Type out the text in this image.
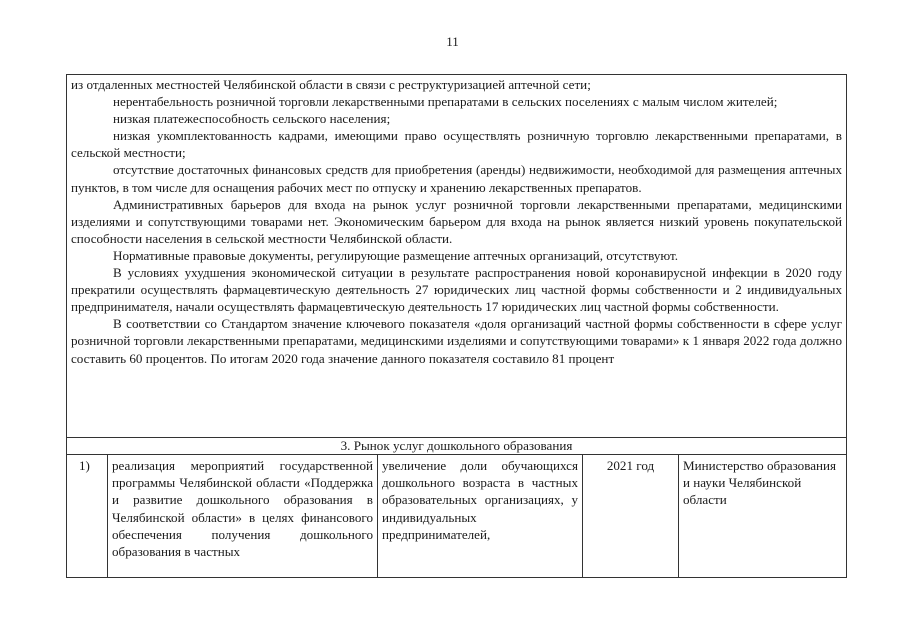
11

из отдаленных местностей Челябинской области в связи с реструктуризацией аптечной сети;

нерентабельность розничной торговли лекарственными препаратами в сельских поселениях с малым числом жителей;

низкая платежеспособность сельского населения;

низкая укомплектованность кадрами, имеющими право осуществлять розничную торговлю лекарственными препаратами, в сельской местности;

отсутствие достаточных финансовых средств для приобретения (аренды) недвижимости, необходимой для размещения аптечных пунктов, в том числе для оснащения рабочих мест по отпуску и хранению лекарственных препаратов.

Административных барьеров для входа на рынок услуг розничной торговли лекарственными препаратами, медицинскими изделиями и сопутствующими товарами нет. Экономическим барьером для входа на рынок является низкий уровень покупательской способности населения в сельской местности Челябинской области.

Нормативные правовые документы, регулирующие размещение аптечных организаций, отсутствуют.

В условиях ухудшения экономической ситуации в результате распространения новой коронавирусной инфекции в 2020 году прекратили осуществлять фармацевтическую деятельность 27 юридических лиц частной формы собственности и 2 индивидуальных предпринимателя, начали осуществлять фармацевтическую деятельность 17 юридических лиц частной формы собственности.

В соответствии со Стандартом значение ключевого показателя «доля организаций частной формы собственности в сфере услуг розничной торговли лекарственными препаратами, медицинскими изделиями и сопутствующими товарами» к 1 января 2022 года должно составить 60 процентов. По итогам 2020 года значение данного показателя составило 81 процент

3. Рынок услуг дошкольного образования
1)	реализация мероприятий государственной программы Челябинской области «Поддержка и развитие дошкольного образования в Челябинской области» в целях финансового обеспечения получения дошкольного образования в частных
увеличение доли обучающихся дошкольного возраста в частных образовательных организациях, у индивидуальных предпринимателей,
2021 год	Министерство образования и науки Челябинской области
